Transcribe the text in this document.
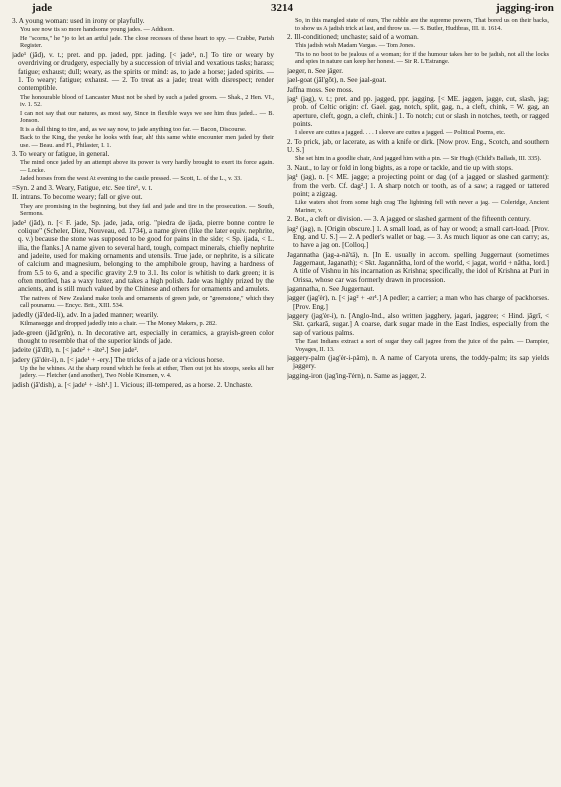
jade	3214	jagging-iron

3. A young woman: used in irony or playfully.

You see now tis so more handsome young jades. — Addison.

He "scorns," he "jo to let an artful jade. The close recesses of these heart to spy. — Crabbe, Parish Register.

jade¹ (jād), v. t.; pret. and pp. jaded, ppr. jading. [< jade¹, n.] To tire or weary by overdriving or drudgery, especially by a succession of trivial and vexatious tasks; harass; fatigue; exhaust; dull; weary, as the spirits or mind: as, to jade a horse; jaded spirits. — 1. To weary; fatigue; exhaust. — 2. To treat as a jade; treat with disrespect; render contemptible.

The honourable blood of Lancaster Must not be shed by such a jaded groom. — Shak., 2 Hen. VI., iv. 1. 52.

I can not say that our natures, as most say, Since in flexible ways we see him thus jaded... — B. Jonson.

It is a dull thing to tire, and, as we say now, to jade anything too far. — Bacon, Discourse.

Back to the King, the yeuke he looks with fear, ah! this same white encounter men jaded by their use. — Beau. and Fl., Philaster, I. 1.

3. To weary or fatigue, in general.

The mind once jaded by an attempt above its power is very hardly brought to exert its force again. — Locke.

Jaded horses from the west At evening to the castle pressed. — Scott, L. of the L., v. 33.

=Syn. 2 and 3. Weary, Fatigue, etc. See tire¹, v. t.

II. intrans. To become weary; fall or give out.

They are promising in the beginning, but they fail and jade and tire in the prosecution. — South, Sermons.

jade² (jād), n. [< F. jade, Sp. jade, jada, orig. "piedra de ijada, pierre bonne contre le colique" (Scheler, Diez, Nouveau, ed. 1734), a name given (like the later equiv. nephrite, q. v.) because the stone was supposed to be good for pains in the side; < Sp. ijada, < L. ilia, the flanks.] A name given to several hard, tough, compact minerals, chiefly nephrite and jadeite, used for making ornaments and utensils. True jade, or nephrite, is a silicate of calcium and magnesium, belonging to the amphibole group, having a hardness of from 5.5 to 6, and a specific gravity 2.9 to 3.1. Its color is whitish to dark green; it is often mottled, has a waxy luster, and takes a high polish. Jade was highly prized by the ancients, and is still much valued by the Chinese and others for ornaments and amulets.

The natives of New Zealand make tools and ornaments of green jade, or "greenstone," which they call pounamu. — Encyc. Brit., XIII. 534.

jadedly (jā'ded-li), adv. In a jaded manner; wearily.

Kilmansegge and dropped jadedly into a chair. — The Money Makers, p. 282.

jade-green (jād'grēn), n. In decorative art, especially in ceramics, a grayish-green color thought to resemble that of the superior kinds of jade.

jadeite (jā'dīt), n. [< jade² + -ite².] See jade².

jadery (jā'dėr-i), n. [< jade¹ + -ery.] The tricks of a jade or a vicious horse.

Up the he whines. At the sharp round which he feels at either, Then out jot his stoops, seeks all her jadery. — Fletcher (and another), Two Noble Kinsmen, v. 4.

jadish (jā'dish), a. [< jade¹ + -ish¹.] 1. Vicious; ill-tempered, as a horse. 2. Unchaste.

So, in this mangled state of ours, The rabble are the supreme powers, That bored us on their backs, to show us A jadish trick at last, and throw us. — S. Butler, Hudibras, III. ii. 1614.

2. Ill-conditioned; unchaste; said of a woman.

This jadish wish Madam Vargas. — Tom Jones.

'Tis to no boot to be jealous of a woman; for if the humour takes her to be jadish, not all the locks and spies in nature can keep her honest. — Sir R. L'Estrange.

jaeger, n. See jäger.

jael-goat (jāl'gōt), n. See jaal-goat.

Jaffna moss. See moss.

jag¹ (jag), v. t.; pret. and pp. jagged, ppr. jagging. [< ME. jaggen, jagge, cut, slash, jag; prob. of Celtic origin: cf. Gael. gag, notch, split, gag, n., a cleft, chink, = W. gag, an aperture, cleft, gogn, a cleft, chink.] 1. To notch; cut or slash in notches, teeth, or ragged points.

I sleeve are cuttes a jagged. . . . I sleeve are cuttes a jagged. — Political Poems, etc.

2. To prick, jab, or lacerate, as with a knife or dirk. [Now prov. Eng., Scotch, and southern U. S.]

She set him in a goodlie chair, And jagged him with a pin. — Sir Hugh (Child's Ballads, III. 335).

3. Naut., to lay or fold in long bights, as a rope or tackle, and tie up with stops.

jag¹ (jag), n. [< ME. jagge; a projecting point or dag (of a jagged or slashed garment): from the verb. Cf. dag².] 1. A sharp notch or tooth, as of a saw; a ragged or tattered point; a zigzag.

Like waters shot from some high crag The lightning fell with never a jag. — Coleridge, Ancient Mariner, v.

2. Bot., a cleft or division. — 3. A jagged or slashed garment of the fifteenth century.

jag² (jag), n. [Origin obscure.] 1. A small load, as of hay or wood; a small cart-load. [Prov. Eng. and U. S.] — 2. A pedler's wallet or bag. — 3. As much liquor as one can carry; as, to have a jag on. [Colloq.]

Jagannatha (jag-a-nä'tä), n. [In E. usually in accom. spelling Juggernaut (sometimes Jaggernaut, Jaganath); < Skt. Jagannātha, lord of the world, < jagat, world + nātha, lord.] A title of Vishnu in his incarnation as Krishna; specifically, the idol of Krishna at Puri in Orissa, whose car was formerly drawn in procession.

jagannatha, n. See Juggernaut.

jagger (jag'ėr), n. [< jag² + -er¹.] A pedler; a carrier; a man who has charge of packhorses. [Prov. Eng.]

jaggery (jag'ėr-i), n. [Anglo-Ind., also written jagghery, jagari, jaggree; < Hind. jāgrī, < Skt. çarkarā, sugar.] A coarse, dark sugar made in the East Indies, especially from the sap of various palms.

The East Indians extract a sort of sugar they call jagree from the juice of the palm. — Dampier, Voyages, II. 13.

jaggery-palm (jag'ėr-i-päm), n. A name of Caryota urens, the toddy-palm; its sap yields jaggery.

jagging-iron (jag'ing-ī'ėrn), n. Same as jagger, 2.
